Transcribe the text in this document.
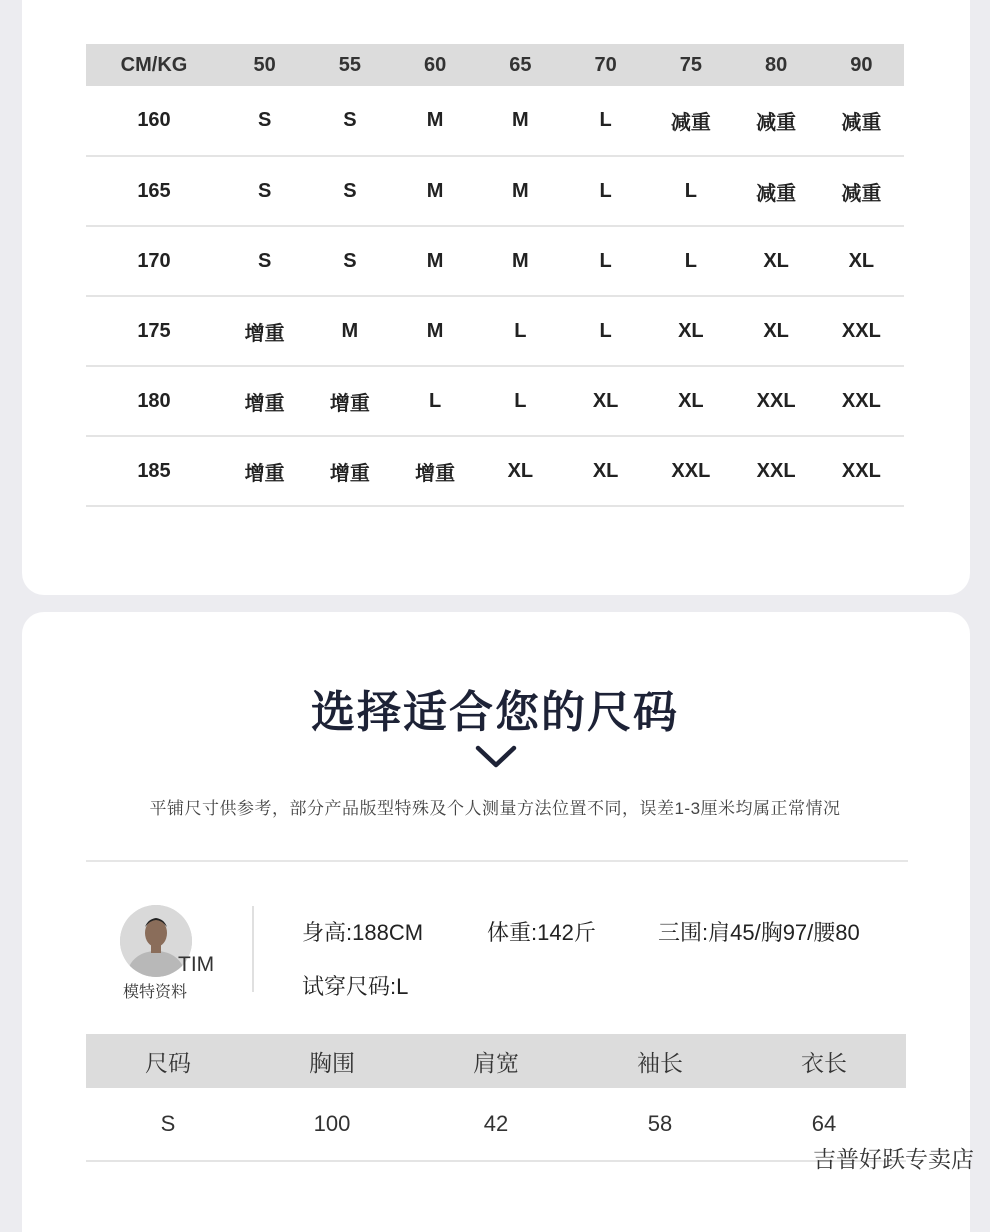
CM/KG	50	55	60	65	70	75	80	90
160	S	S	M	M	L	减重	减重	减重
165	S	S	M	M	L	L	减重	减重
170	S	S	M	M	L	L	XL	XL
175	增重	M	M	L	L	XL	XL	XXL
180	增重	增重	L	L	XL	XL	XXL	XXL
185	增重	增重	增重	XL	XL	XXL	XXL	XXL
选择适合您的尺码
平铺尺寸供参考，部分产品版型特殊及个人测量方法位置不同，误差1-3厘米均属正常情况
TIM
模特资料
身高:188CM	体重:142斤	三围:肩45/胸97/腰80
试穿尺码:L
尺码	胸围	肩宽	袖长	衣长
S	100	42	58	64
吉普好跃专卖店
